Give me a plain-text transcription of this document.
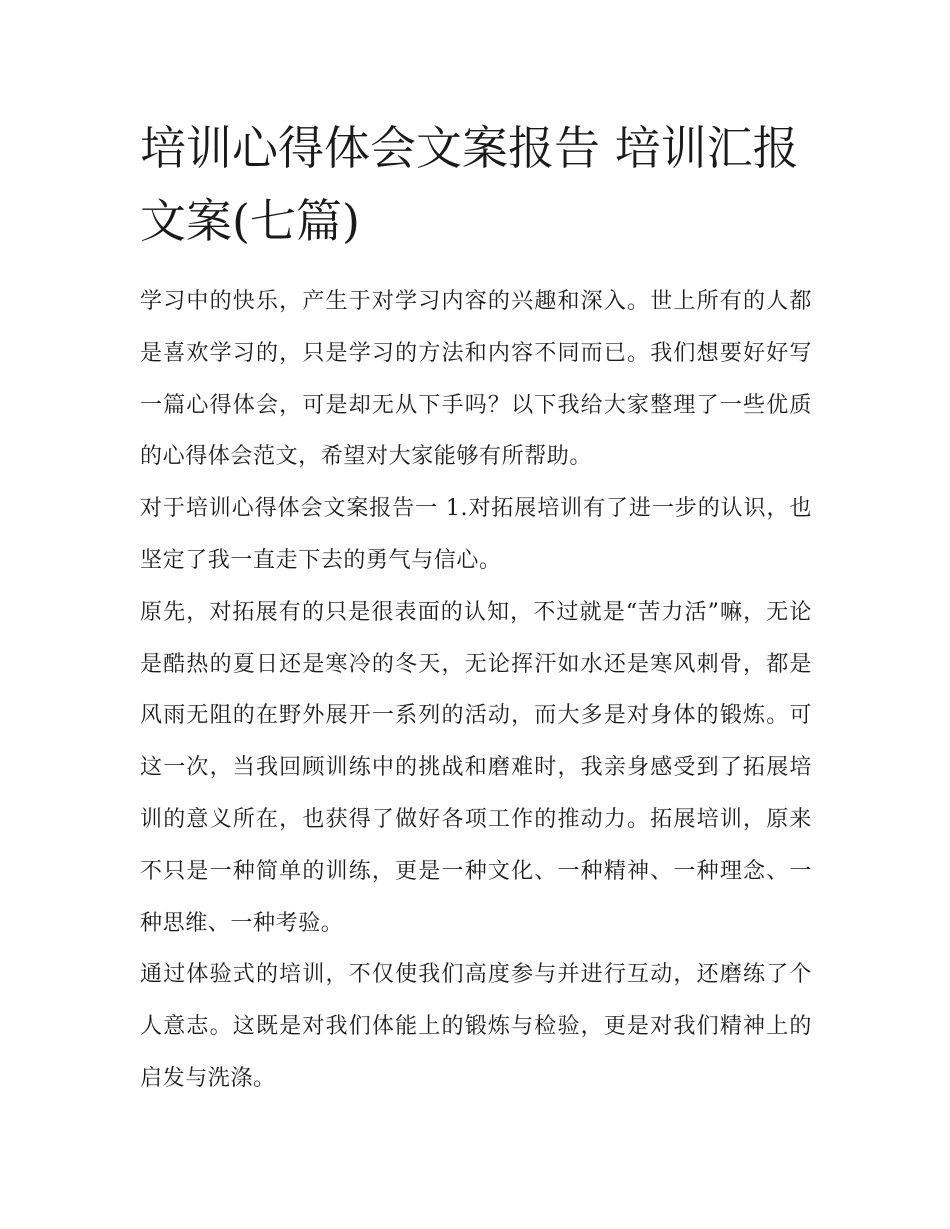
培训心得体会文案报告 培训汇报文案(七篇)

学习中的快乐，产生于对学习内容的兴趣和深入。世上所有的人都是喜欢学习的，只是学习的方法和内容不同而已。我们想要好好写一篇心得体会，可是却无从下手吗？以下我给大家整理了一些优质的心得体会范文，希望对大家能够有所帮助。

对于培训心得体会文案报告一 1.对拓展培训有了进一步的认识，也坚定了我一直走下去的勇气与信心。

原先，对拓展有的只是很表面的认知，不过就是“苦力活”嘛，无论是酷热的夏日还是寒冷的冬天，无论挥汗如水还是寒风刺骨，都是风雨无阻的在野外展开一系列的活动，而大多是对身体的锻炼。可这一次，当我回顾训练中的挑战和磨难时，我亲身感受到了拓展培训的意义所在，也获得了做好各项工作的推动力。拓展培训，原来不只是一种简单的训练，更是一种文化、一种精神、一种理念、一种思维、一种考验。

通过体验式的培训，不仅使我们高度参与并进行互动，还磨练了个人意志。这既是对我们体能上的锻炼与检验，更是对我们精神上的启发与洗涤。
